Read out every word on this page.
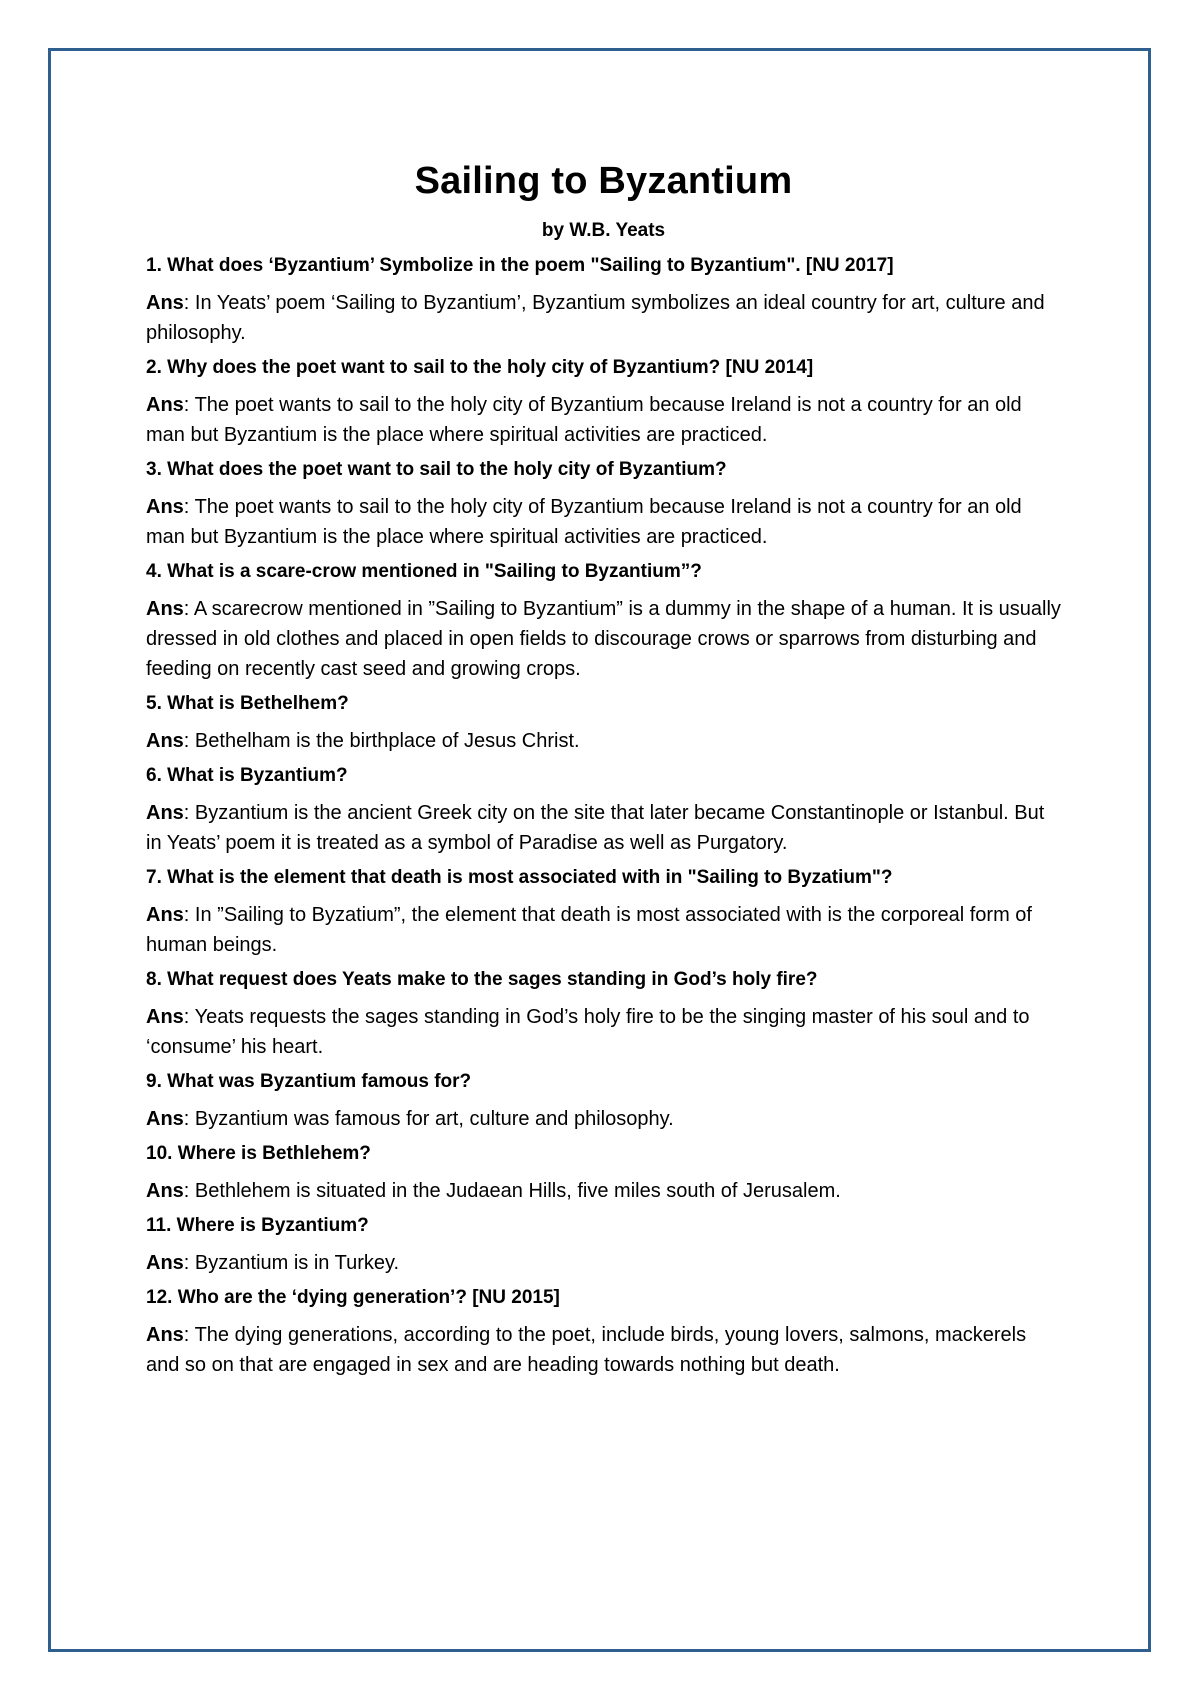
Sailing to Byzantium
by W.B. Yeats

1. What does ‘Byzantium’ Symbolize in the poem "Sailing to Byzantium". [NU 2017]

Ans: In Yeats’ poem ‘Sailing to Byzantium’, Byzantium symbolizes an ideal country for art, culture and philosophy.

2. Why does the poet want to sail to the holy city of Byzantium? [NU 2014]

Ans: The poet wants to sail to the holy city of Byzantium because Ireland is not a country for an old man but Byzantium is the place where spiritual activities are practiced.

3. What does the poet want to sail to the holy city of Byzantium?

Ans: The poet wants to sail to the holy city of Byzantium because Ireland is not a country for an old man but Byzantium is the place where spiritual activities are practiced.

4. What is a scare-crow mentioned in "Sailing to Byzantium”?

Ans: A scarecrow mentioned in ”Sailing to Byzantium” is a dummy in the shape of a human. It is usually dressed in old clothes and placed in open fields to discourage crows or sparrows from disturbing and feeding on recently cast seed and growing crops.

5. What is Bethelhem?

Ans: Bethelham is the birthplace of Jesus Christ.

6. What is Byzantium?

Ans: Byzantium is the ancient Greek city on the site that later became Constantinople or Istanbul. But in Yeats’ poem it is treated as a symbol of Paradise as well as Purgatory.

7. What is the element that death is most associated with in "Sailing to Byzatium"?

Ans: In ”Sailing to Byzatium”, the element that death is most associated with is the corporeal form of human beings.

8. What request does Yeats make to the sages standing in God’s holy fire?

Ans: Yeats requests the sages standing in God’s holy fire to be the singing master of his soul and to ‘consume’ his heart.

9. What was Byzantium famous for?

Ans: Byzantium was famous for art, culture and philosophy.

10. Where is Bethlehem?

Ans: Bethlehem is situated in the Judaean Hills, five miles south of Jerusalem.

11. Where is Byzantium?

Ans: Byzantium is in Turkey.

12. Who are the ‘dying generation’? [NU 2015]

Ans: The dying generations, according to the poet, include birds, young lovers, salmons, mackerels and so on that are engaged in sex and are heading towards nothing but death.
